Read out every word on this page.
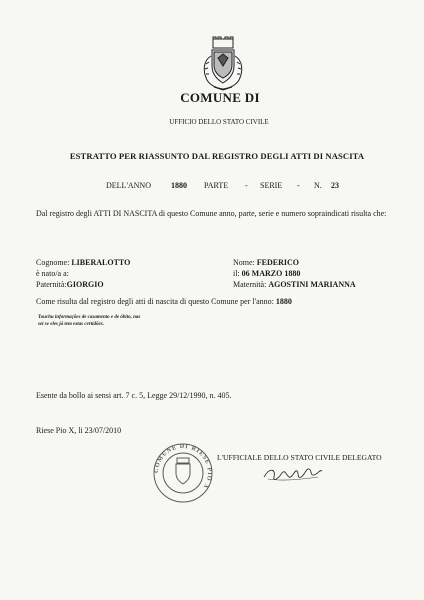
COMUNE DI
UFFICIO DELLO STATO CIVILE
ESTRATTO PER RIASSUNTO DAL REGISTRO DEGLI ATTI DI NASCITA
DELL'ANNO	1880 PARTE - SERIE - N. 23
Dal registro degli ATTI DI NASCITA di questo Comune anno, parte, serie e numero sopraindicati risulta che:
Cognome: LIBERALOTTO
è nato/a a:
Paternità:GIORGIO
Nome: FEDERICO
il: 06 MARZO 1880
Maternità: AGOSTINI MARIANNA
Come risulta dal registro degli atti di nascita di questo Comune per l'anno: 1880
Touchu informações de casamento e de óbito, nas
sei se eles já tem estas certidões.
Esente da bollo ai sensi art. 7 c. 5, Legge 29/12/1990, n. 405.
Riese Pio X, li 23/07/2010
COMUNE DI RIESE PIO X
L'UFFICIALE DELLO STATO CIVILE DELEGATO
